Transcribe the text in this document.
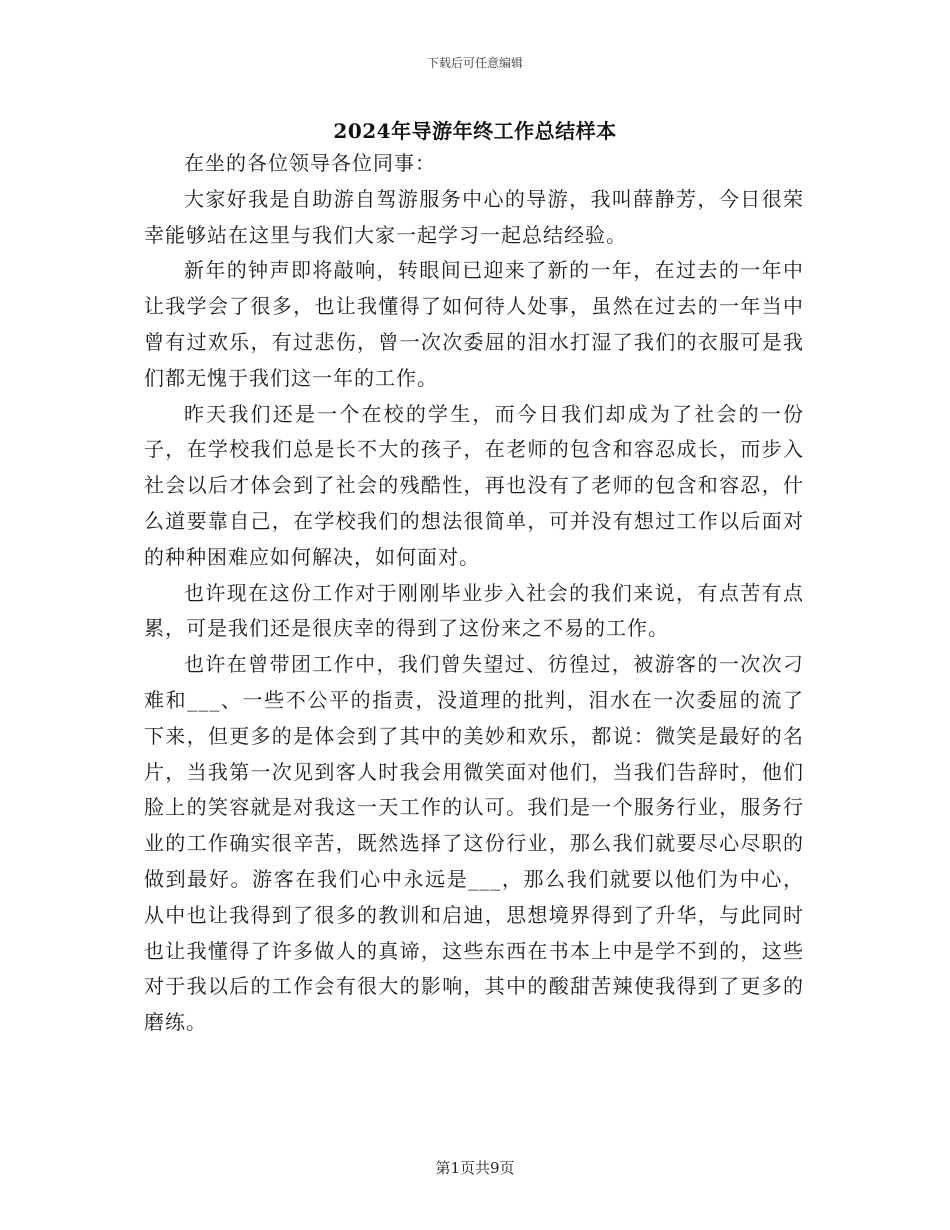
下载后可任意编辑
2024年导游年终工作总结样本

在坐的各位领导各位同事：

大家好我是自助游自驾游服务中心的导游，我叫薛静芳，今日很荣幸能够站在这里与我们大家一起学习一起总结经验。

新年的钟声即将敲响，转眼间已迎来了新的一年，在过去的一年中让我学会了很多，也让我懂得了如何待人处事，虽然在过去的一年当中曾有过欢乐，有过悲伤，曾一次次委屈的泪水打湿了我们的衣服可是我们都无愧于我们这一年的工作。

昨天我们还是一个在校的学生，而今日我们却成为了社会的一份子，在学校我们总是长不大的孩子，在老师的包含和容忍成长，而步入社会以后才体会到了社会的残酷性，再也没有了老师的包含和容忍，什么道要靠自己，在学校我们的想法很简单，可并没有想过工作以后面对的种种困难应如何解决，如何面对。

也许现在这份工作对于刚刚毕业步入社会的我们来说，有点苦有点累，可是我们还是很庆幸的得到了这份来之不易的工作。

也许在曾带团工作中，我们曾失望过、彷徨过，被游客的一次次刁难和___、一些不公平的指责，没道理的批判，泪水在一次委屈的流了下来，但更多的是体会到了其中的美妙和欢乐，都说：微笑是最好的名片，当我第一次见到客人时我会用微笑面对他们，当我们告辞时，他们脸上的笑容就是对我这一天工作的认可。我们是一个服务行业，服务行业的工作确实很辛苦，既然选择了这份行业，那么我们就要尽心尽职的做到最好。游客在我们心中永远是___，那么我们就要以他们为中心，从中也让我得到了很多的教训和启迪，思想境界得到了升华，与此同时也让我懂得了许多做人的真谛，这些东西在书本上中是学不到的，这些对于我以后的工作会有很大的影响，其中的酸甜苦辣使我得到了更多的磨练。

第1页共9页
